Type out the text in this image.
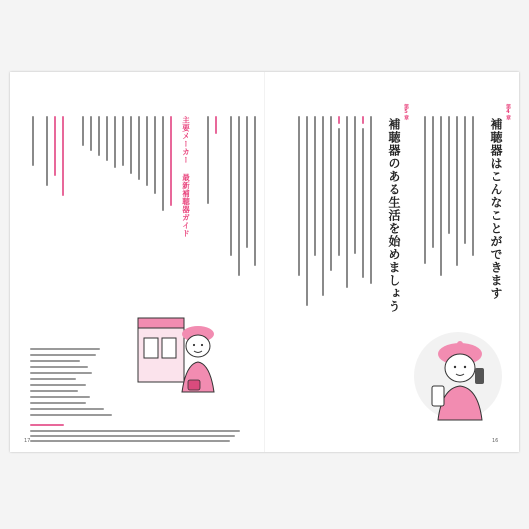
第4章
補聴器はこんなことができます
第5章
補聴器のある生活を始めましょう
16
主要メーカー 最新補聴器ガイド
17
